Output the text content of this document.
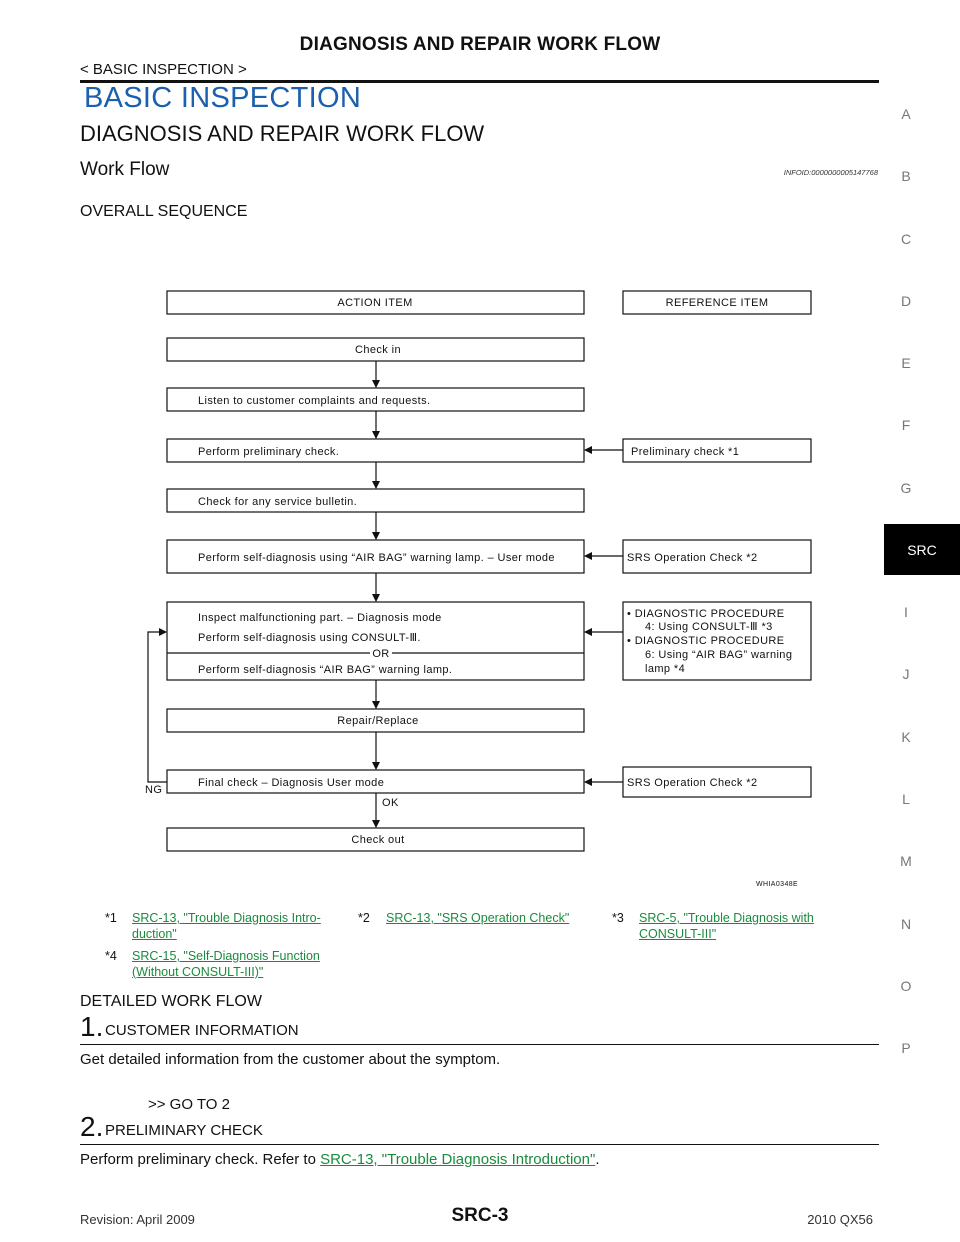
DIAGNOSIS AND REPAIR WORK FLOW
< BASIC INSPECTION >
BASIC INSPECTION
DIAGNOSIS AND REPAIR WORK FLOW
Work Flow	INFOID:0000000005147768
OVERALL SEQUENCE
A
B
C
D
E
F
G
SRC
I
J
K
L
M
N
O
P
ACTION ITEM	REFERENCE ITEM
Check in
Listen to customer complaints and requests.
Perform preliminary check.	Preliminary check *1
Check for any service bulletin.
Perform self-diagnosis using “AIR BAG” warning lamp. – User mode	SRS Operation Check *2
Inspect malfunctioning part. – Diagnosis mode
Perform self-diagnosis using CONSULT-Ⅲ.
OR
Perform self-diagnosis “AIR BAG” warning lamp.
• DIAGNOSTIC PROCEDURE
4: Using CONSULT-Ⅲ *3
• DIAGNOSTIC PROCEDURE
6: Using “AIR BAG” warning
lamp *4
Repair/Replace
Final check – Diagnosis User mode	SRS Operation Check *2
NG
OK
Check out
WHIA0348E
*1 SRC-13, "Trouble Diagnosis Intro-
duction"
*2 SRC-13, "SRS Operation Check"	*3 SRC-5, "Trouble Diagnosis with
CONSULT-III"
*4 SRC-15, "Self-Diagnosis Function
(Without CONSULT-III)"
DETAILED WORK FLOW
1. CUSTOMER INFORMATION
Get detailed information from the customer about the symptom.
>> GO TO 2
2. PRELIMINARY CHECK
Perform preliminary check. Refer to SRC-13, "Trouble Diagnosis Introduction".
Revision: April 2009	SRC-3	2010 QX56
